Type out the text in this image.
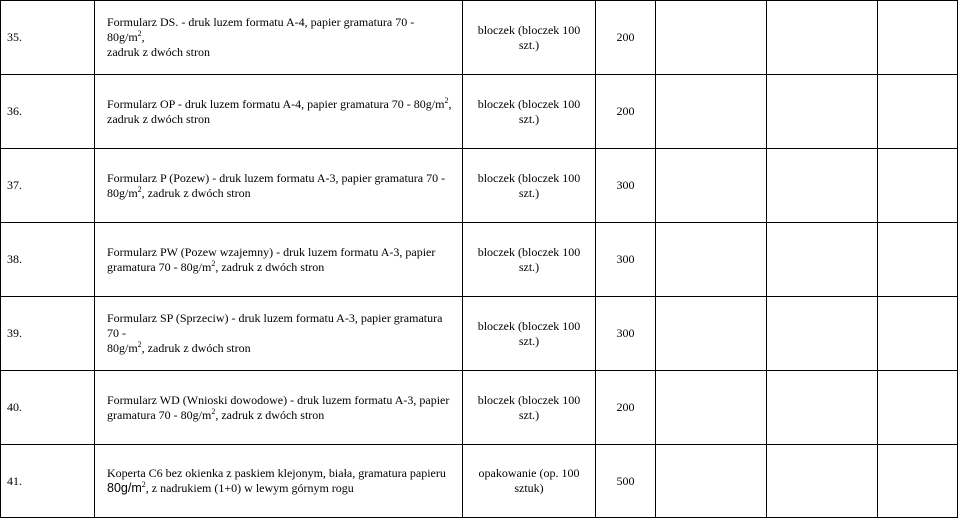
35.	Formularz DS. - druk luzem formatu A-4, papier gramatura $70 - 80g/m^2$,
zadruk z dwóch stron	bloczek (bloczek 100 szt.)	200			
36.	Formularz OP - druk luzem formatu A-4, papier gramatura $70 - 80g/m^2$,
zadruk z dwóch stron	bloczek (bloczek 100 szt.)	200			
37.	Formularz P (Pozew) - druk luzem formatu A-3, papier gramatura 70 -
$80g/m^2$, zadruk z dwóch stron	bloczek (bloczek 100 szt.)	300			
38.	Formularz PW (Pozew wzajemny) - druk luzem formatu A-3, papier
gramatura $70 - 80g/m^2$, zadruk z dwóch stron	bloczek (bloczek 100 szt.)	300			
39.	Formularz SP (Sprzeciw) - druk luzem formatu A-3, papier gramatura 70 -
$80g/m^2$, zadruk z dwóch stron	bloczek (bloczek 100 szt.)	300			
40.	Formularz WD (Wnioski dowodowe) - druk luzem formatu A-3, papier
gramatura $70 - 80g/m^2$, zadruk z dwóch stron	bloczek (bloczek 100 szt.)	200			
41.	Koperta C6 bez okienka z paskiem klejonym, biała, gramatura papieru
$80g/m^2$, z nadrukiem (1+0) w lewym górnym rogu	opakowanie (op. 100 sztuk)	500			
